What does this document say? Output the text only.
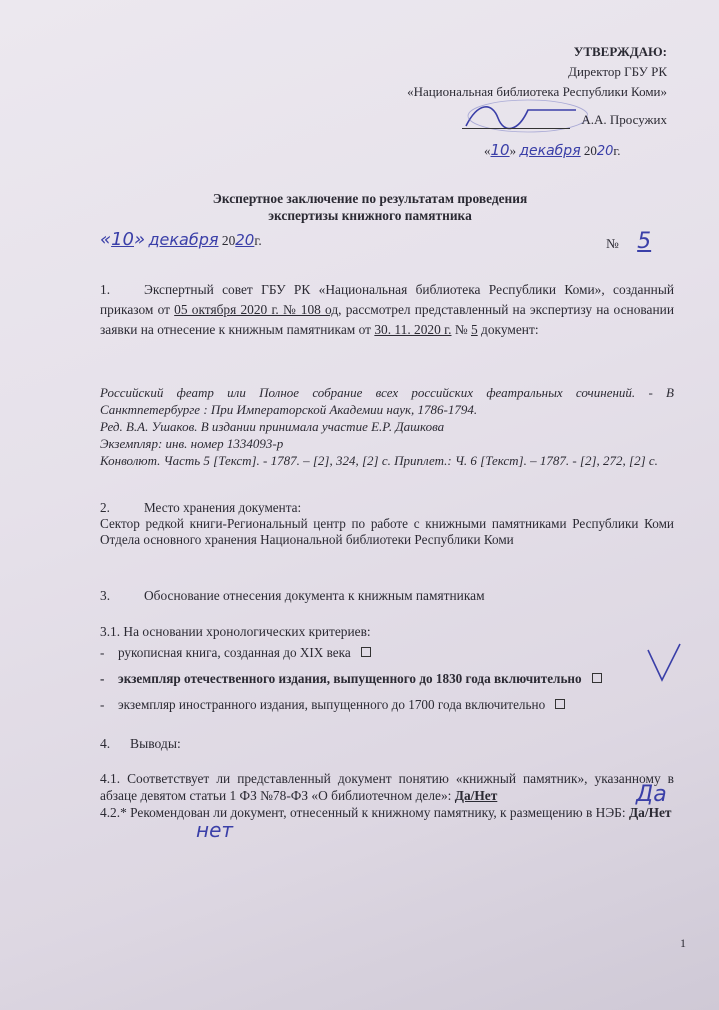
УТВЕРЖДАЮ:
Директор ГБУ РК
«Национальная библиотека Республики Коми»
А.А. Просужих
«10» декабря 2020г.
Экспертное заключение по результатам проведения
экспертизы книжного памятника
«10» декабря 2020г.	№ 5

1.	Экспертный совет ГБУ РК «Национальная библиотека Республики Коми», созданный приказом от 05 октября 2020 г. № 108 од, рассмотрел представленный на экспертизу на основании заявки на отнесение к книжным памятникам от 30. 11. 2020 г. № 5 документ:

Российский феатр или Полное собрание всех российских феатральных сочинений. - В Санктпетербурге : При Императорской Академии наук, 1786-1794.

Ред. В.А. Ушаков. В издании принимала участие Е.Р. Дашкова

Экземпляр: инв. номер 1334093-р

Конволют. Часть 5 [Текст]. - 1787. – [2], 324, [2] с. Приплет.: Ч. 6 [Текст]. – 1787. - [2], 272, [2] с.

2.	Место хранения документа:

Сектор редкой книги-Региональный центр по работе с книжными памятниками Республики Коми Отдела основного хранения Национальной библиотеки Республики Коми

3.	Обоснование отнесения документа к книжным памятникам

3.1. На основании хронологических критериев:
- рукописная книга, созданная до XIX века
- экземпляр отечественного издания, выпущенного до 1830 года включительно
- экземпляр иностранного издания, выпущенного до 1700 года включительно
4. Выводы:

4.1. Соответствует ли представленный документ понятию «книжный памятник», указанному в абзаце девятом статьи 1 ФЗ №78-ФЗ «О библиотечном деле»: Да/Нет	Да

4.2.* Рекомендован ли документ, отнесенный к книжному памятнику, к размещению в НЭБ: Да/Нет

нет
1
